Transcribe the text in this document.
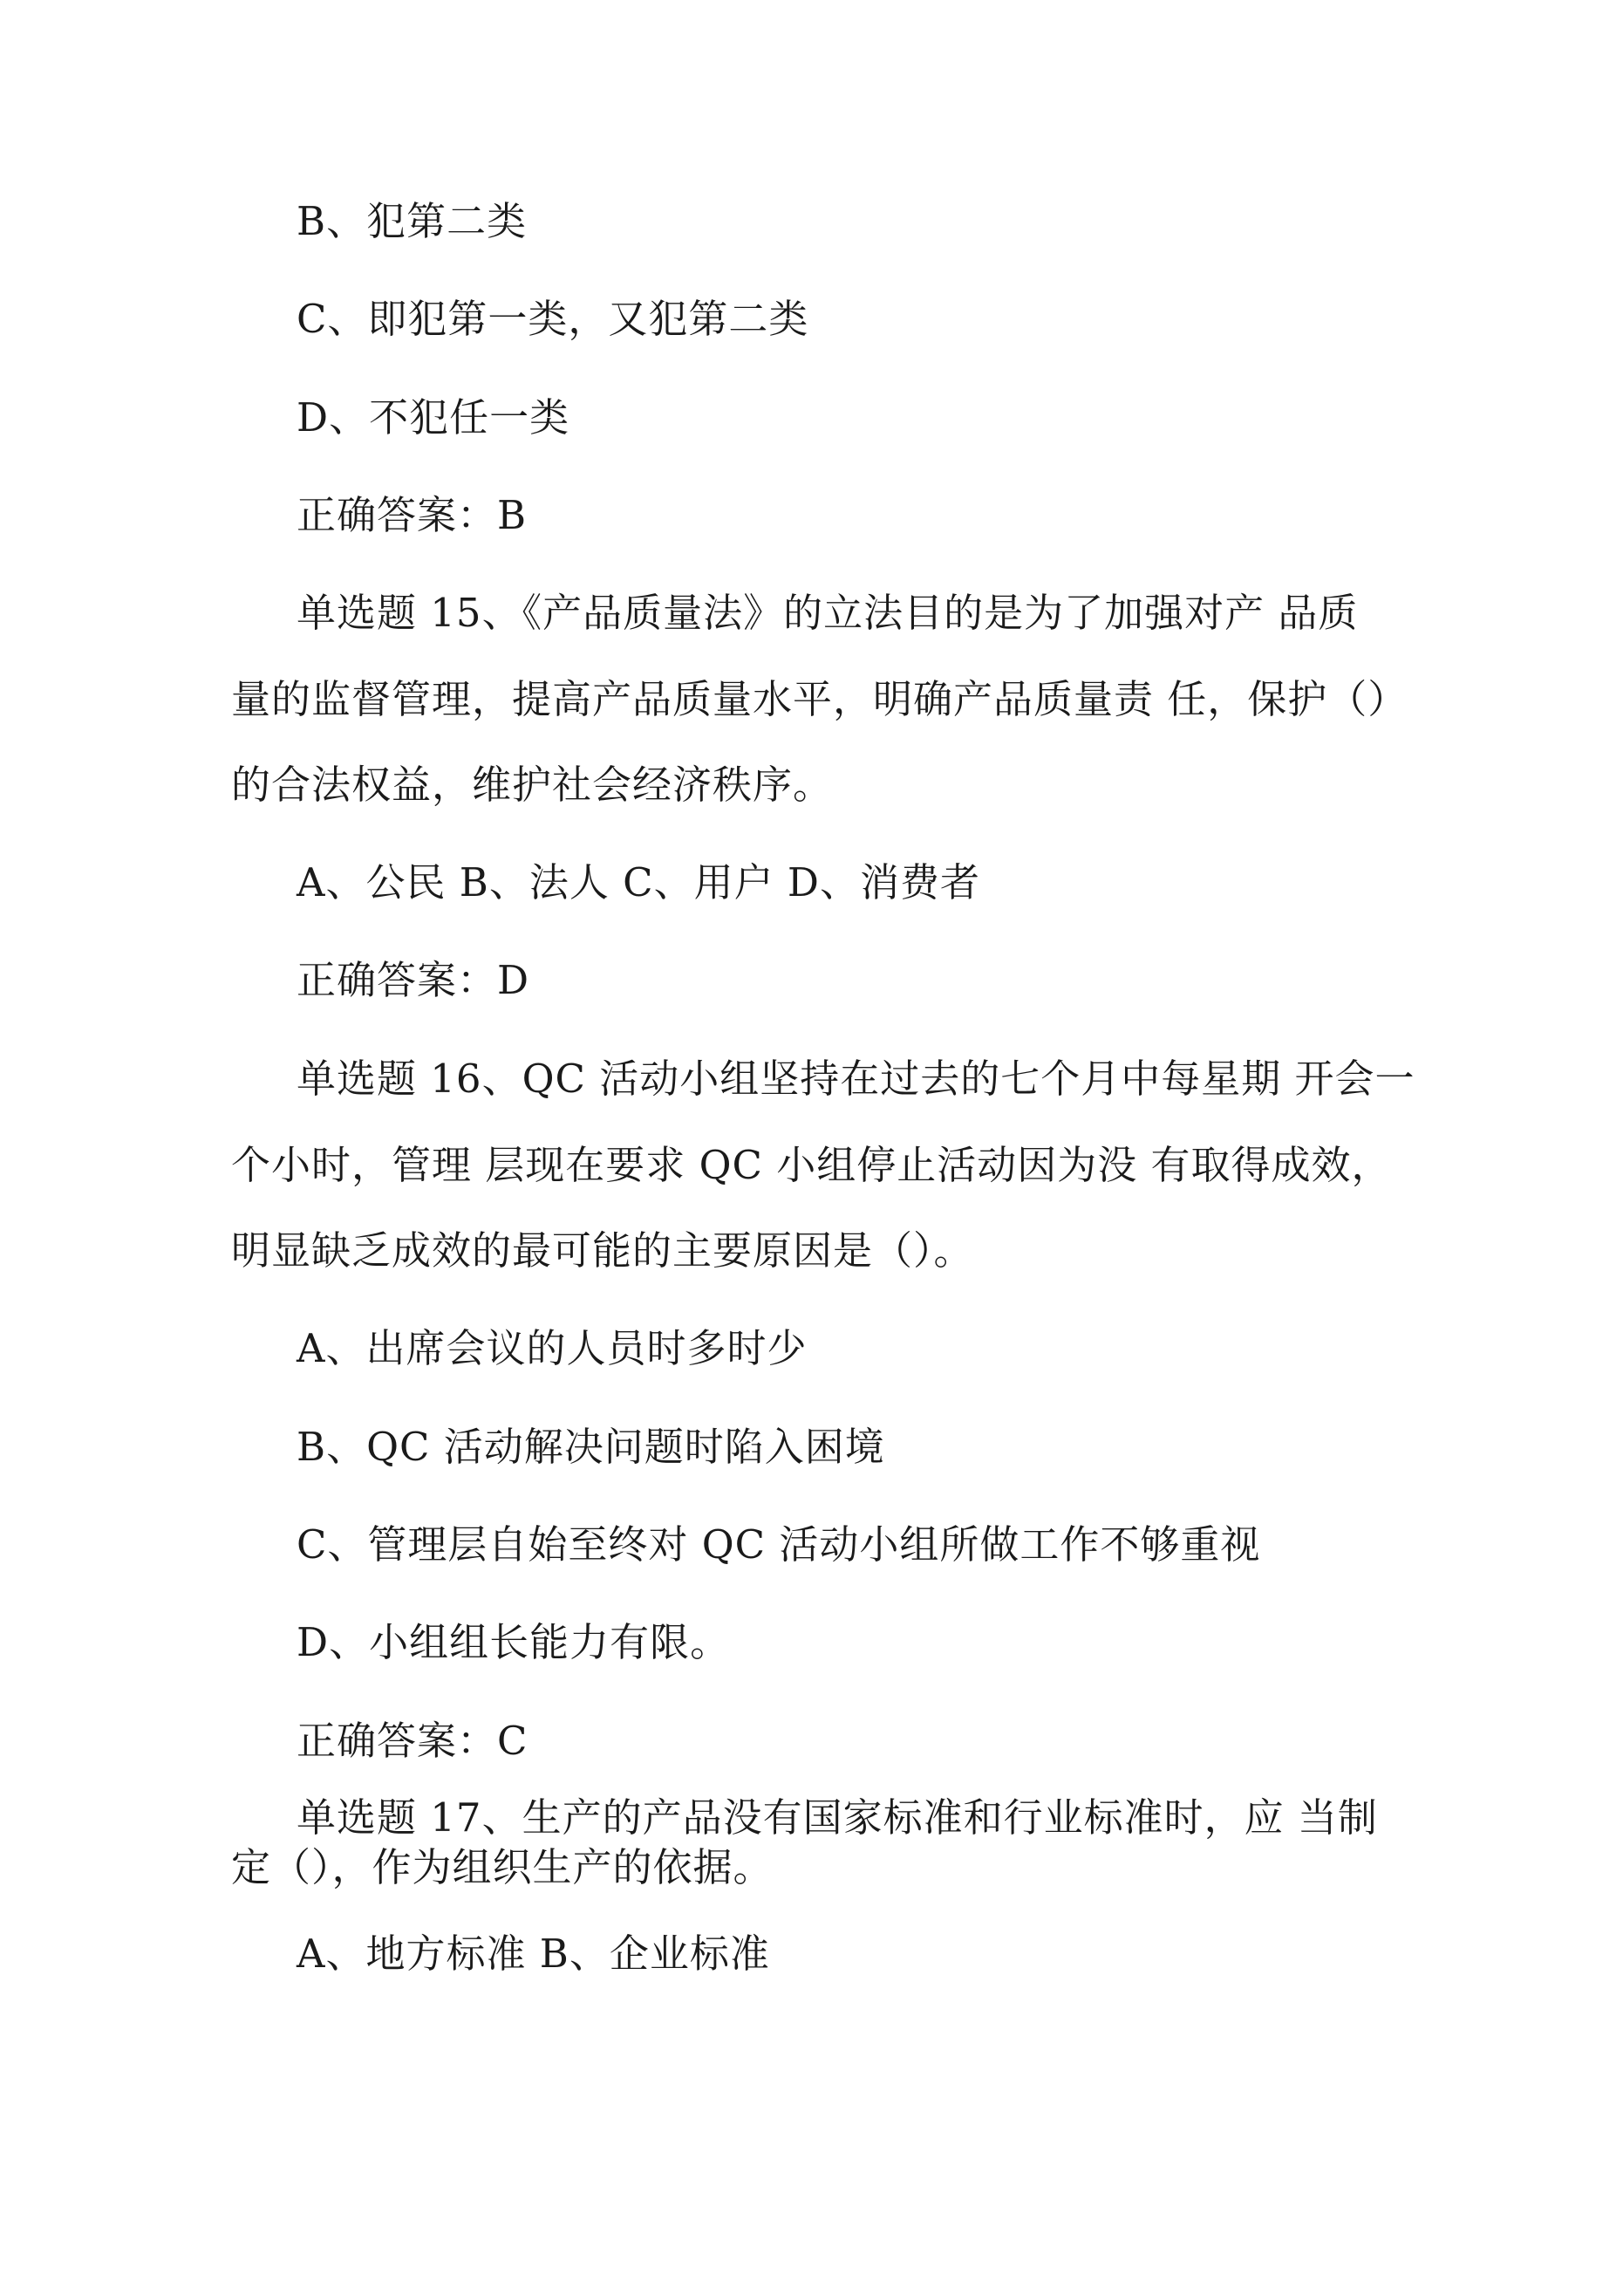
B、犯第二类
C、即犯第一类，又犯第二类
D、不犯任一类
正确答案：B
单选题 15、《产品质量法》的立法目的是为了加强对产 品质
量的监督管理，提高产品质量水平，明确产品质量责 任，保护（）
的合法权益，维护社会经济秩序。
A、公民 B、法人 C、用户 D、消费者
正确答案：D
单选题 16、QC 活动小组坚持在过去的七个月中每星期 开会一
个小时，管理 层现在要求 QC 小组停止活动因为没 有取得成效，
明显缺乏成效的最可能的主要原因是（）。
A、出席会议的人员时多时少
B、QC 活动解决问题时陷入困境
C、管理层自始至终对 QC 活动小组所做工作不够重视
D、小组组长能力有限。
正确答案：C
单选题 17、生产的产品没有国家标准和行业标准时，应 当制
定（），作为组织生产的依据。
A、地方标准 B、企业标准
